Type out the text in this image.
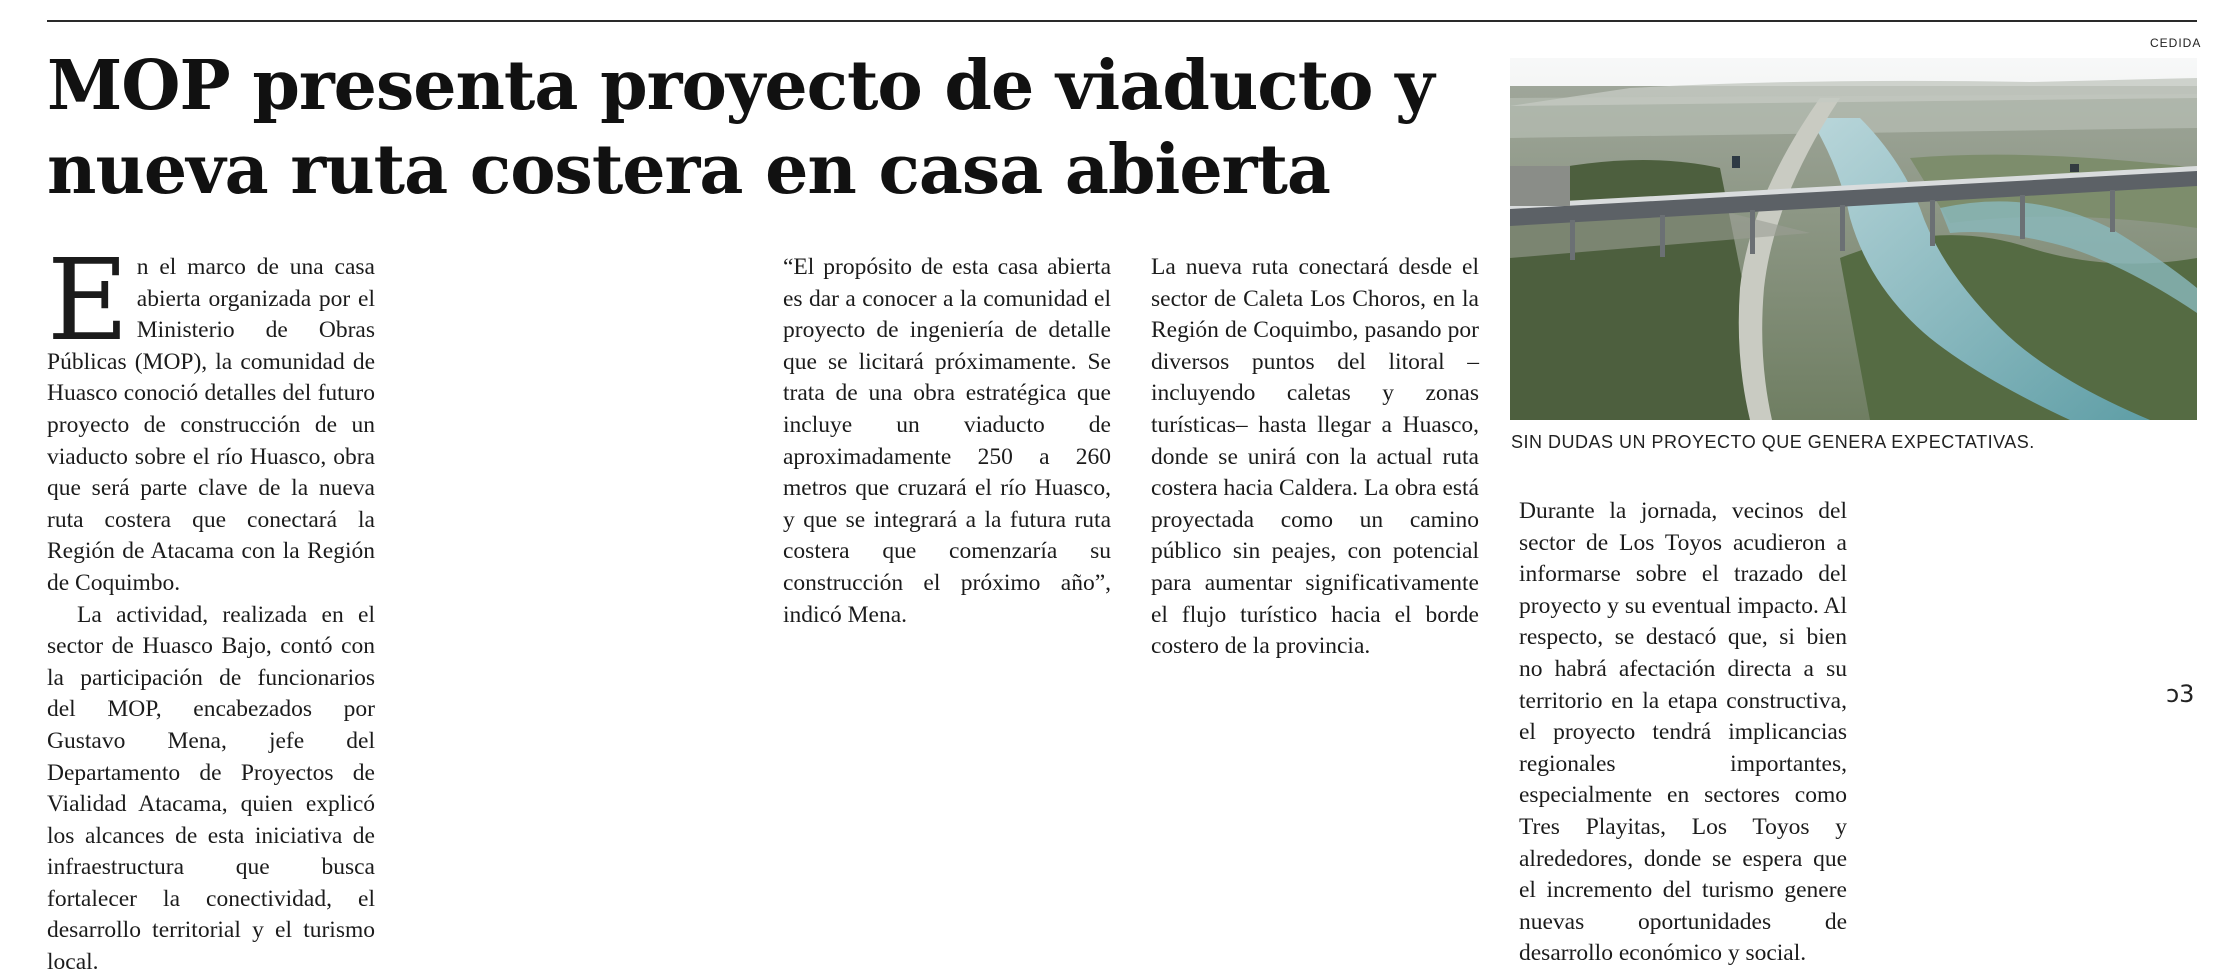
MOP presenta proyecto de viaducto y
nueva ruta costera en casa abierta
CEDIDA
SIN DUDAS UN PROYECTO QUE GENERA EXPECTATIVAS.

En el marco de una casa abierta organizada por el Ministerio de Obras Públicas (MOP), la comunidad de Huasco conoció detalles del futuro proyecto de construcción de un viaducto sobre el río Huasco, obra que será parte clave de la nueva ruta costera que conectará la Región de Atacama con la Región de Coquimbo.

La actividad, realizada en el sector de Huasco Bajo, contó con la participación de funcionarios del MOP, encabezados por Gustavo Mena, jefe del Departamento de Proyectos de Vialidad Atacama, quien explicó los alcances de esta iniciativa de infraestructura que busca fortalecer la conectividad, el desarrollo territorial y el turismo local.

“El propósito de esta casa abierta es dar a conocer a la comunidad el proyecto de ingeniería de detalle que se licitará próximamente. Se trata de una obra estratégica que incluye un viaducto de aproximadamente 250 a 260 metros que cruzará el río Huasco, y que se integrará a la futura ruta costera que comenzaría su construcción el próximo año”, indicó Mena.

La nueva ruta conectará desde el sector de Caleta Los Choros, en la Región de Coquimbo, pasando por diversos puntos del litoral –incluyendo caletas y zonas turísticas– hasta llegar a Huasco, donde se unirá con la actual ruta costera hacia Caldera. La obra está proyectada como un camino público sin peajes, con potencial para aumentar significativamente el flujo turístico hacia el borde costero de la provincia.

Durante la jornada, vecinos del sector de Los Toyos acudieron a informarse sobre el trazado del proyecto y su eventual impacto. Al respecto, se destacó que, si bien no habrá afectación directa a su territorio en la etapa constructiva, el proyecto tendrá implicancias regionales importantes, especialmente en sectores como Tres Playitas, Los Toyos y alrededores, donde se espera que el incremento del turismo genere nuevas oportunidades de desarrollo económico y social.

ↄ3
